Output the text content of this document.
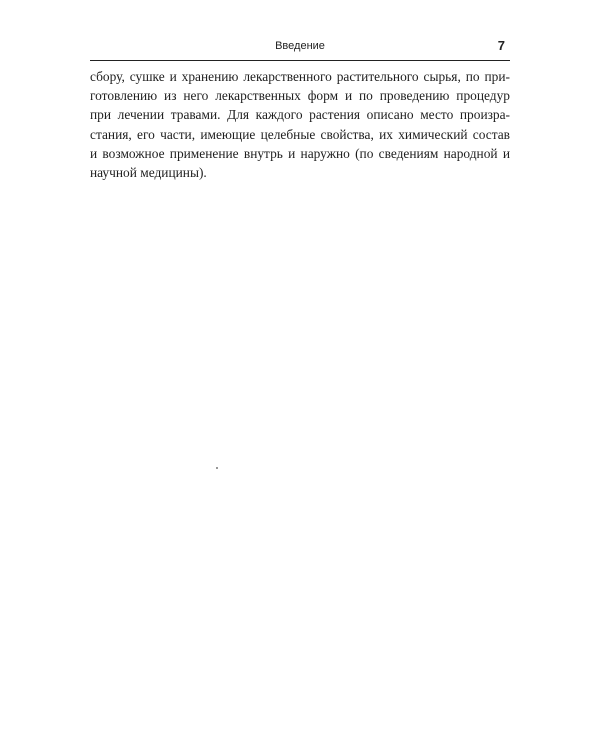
Введение	7

сбору, сушке и хранению лекарственного растительного сырья, по при-
готовлению из него лекарственных форм и по проведению процедур
при лечении травами. Для каждого растения описано место произра-
стания, его части, имеющие целебные свойства, их химический состав
и возможное применение внутрь и наружно (по сведениям народной и
научной медицины).
